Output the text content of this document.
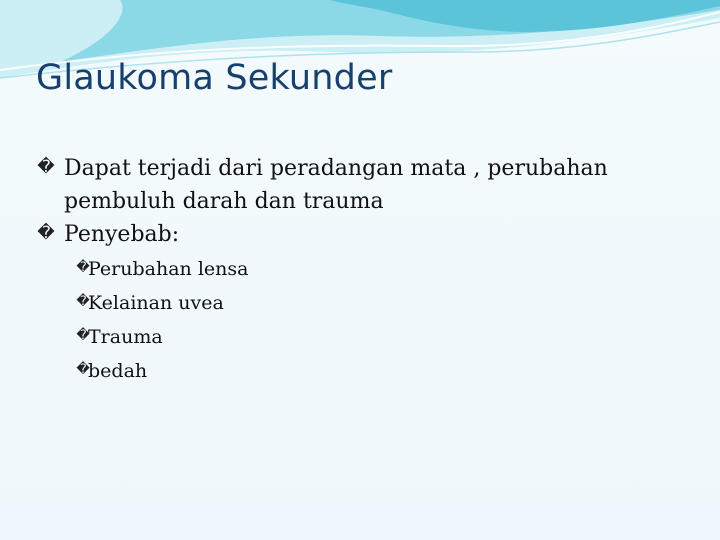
Glaukoma Sekunder

�
Dapat terjadi dari peradangan mata , perubahan pembuluh darah dan trauma

�
Penyebab:

�
Perubahan lensa

�
Kelainan uvea

�
Trauma

�
bedah
